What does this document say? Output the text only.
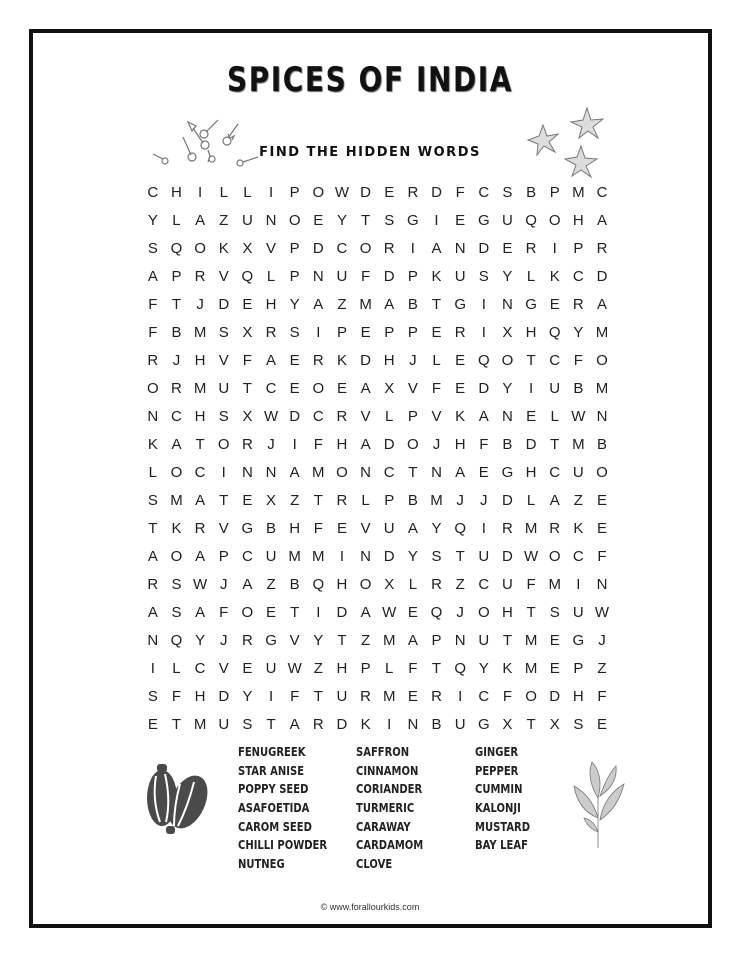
SPICES OF INDIA
FIND THE HIDDEN WORDS
C H	I	L	L	I	P O W D E R D F C S B P M C
Y L A Z U N O E Y T S G	I	E G U Q O H A
S Q O K X V P D C O R	I	A N D E R	I	P R
A P R V Q L P N U F D P K U S Y L K C D
F T	J D E H Y A Z M A B T G	I	N G E R A
F B M S X R S	I	P E P P E R	I	X H Q Y M
R J H V F A E R K D H J	L E Q O T C F O
O R M U T C E O E A X V F E D Y	I	U B M
N C H S X W D C R V L P V K A N E L W N
K A T O R J	I	F H A D O J H F B D T M B
L O C	I	N N A M O N C T N A E G H C U O
S M A T E X Z T R L P B M J	J D L A Z E
T K R V G B H F E V U A Y Q	I	R M R K E
A O A P C U M M	I	N D Y S T U D W O C F
R S W J A Z B Q H O X L R Z C U F M	I	N
A S A F O E T	I	D A W E Q J O H T S U W
N Q Y J R G V Y T Z M A P N U T M E G J
I	L C V E U W Z H P L F T Q Y K M E P Z
S F H D Y	I	F T U R M E R	I	C F O D H F
E T M U S T A R D K	I	N B U G X T X S E
FENUGREEK
STAR ANISE
POPPY SEED
ASAFOETIDA
CAROM SEED
CHILLI POWDER
NUTNEG
SAFFRON
CINNAMON
CORIANDER
TURMERIC
CARAWAY
CARDAMOM
CLOVE
GINGER
PEPPER
CUMMIN
KALONJI
MUSTARD
BAY LEAF
© www.forallourkids.com
